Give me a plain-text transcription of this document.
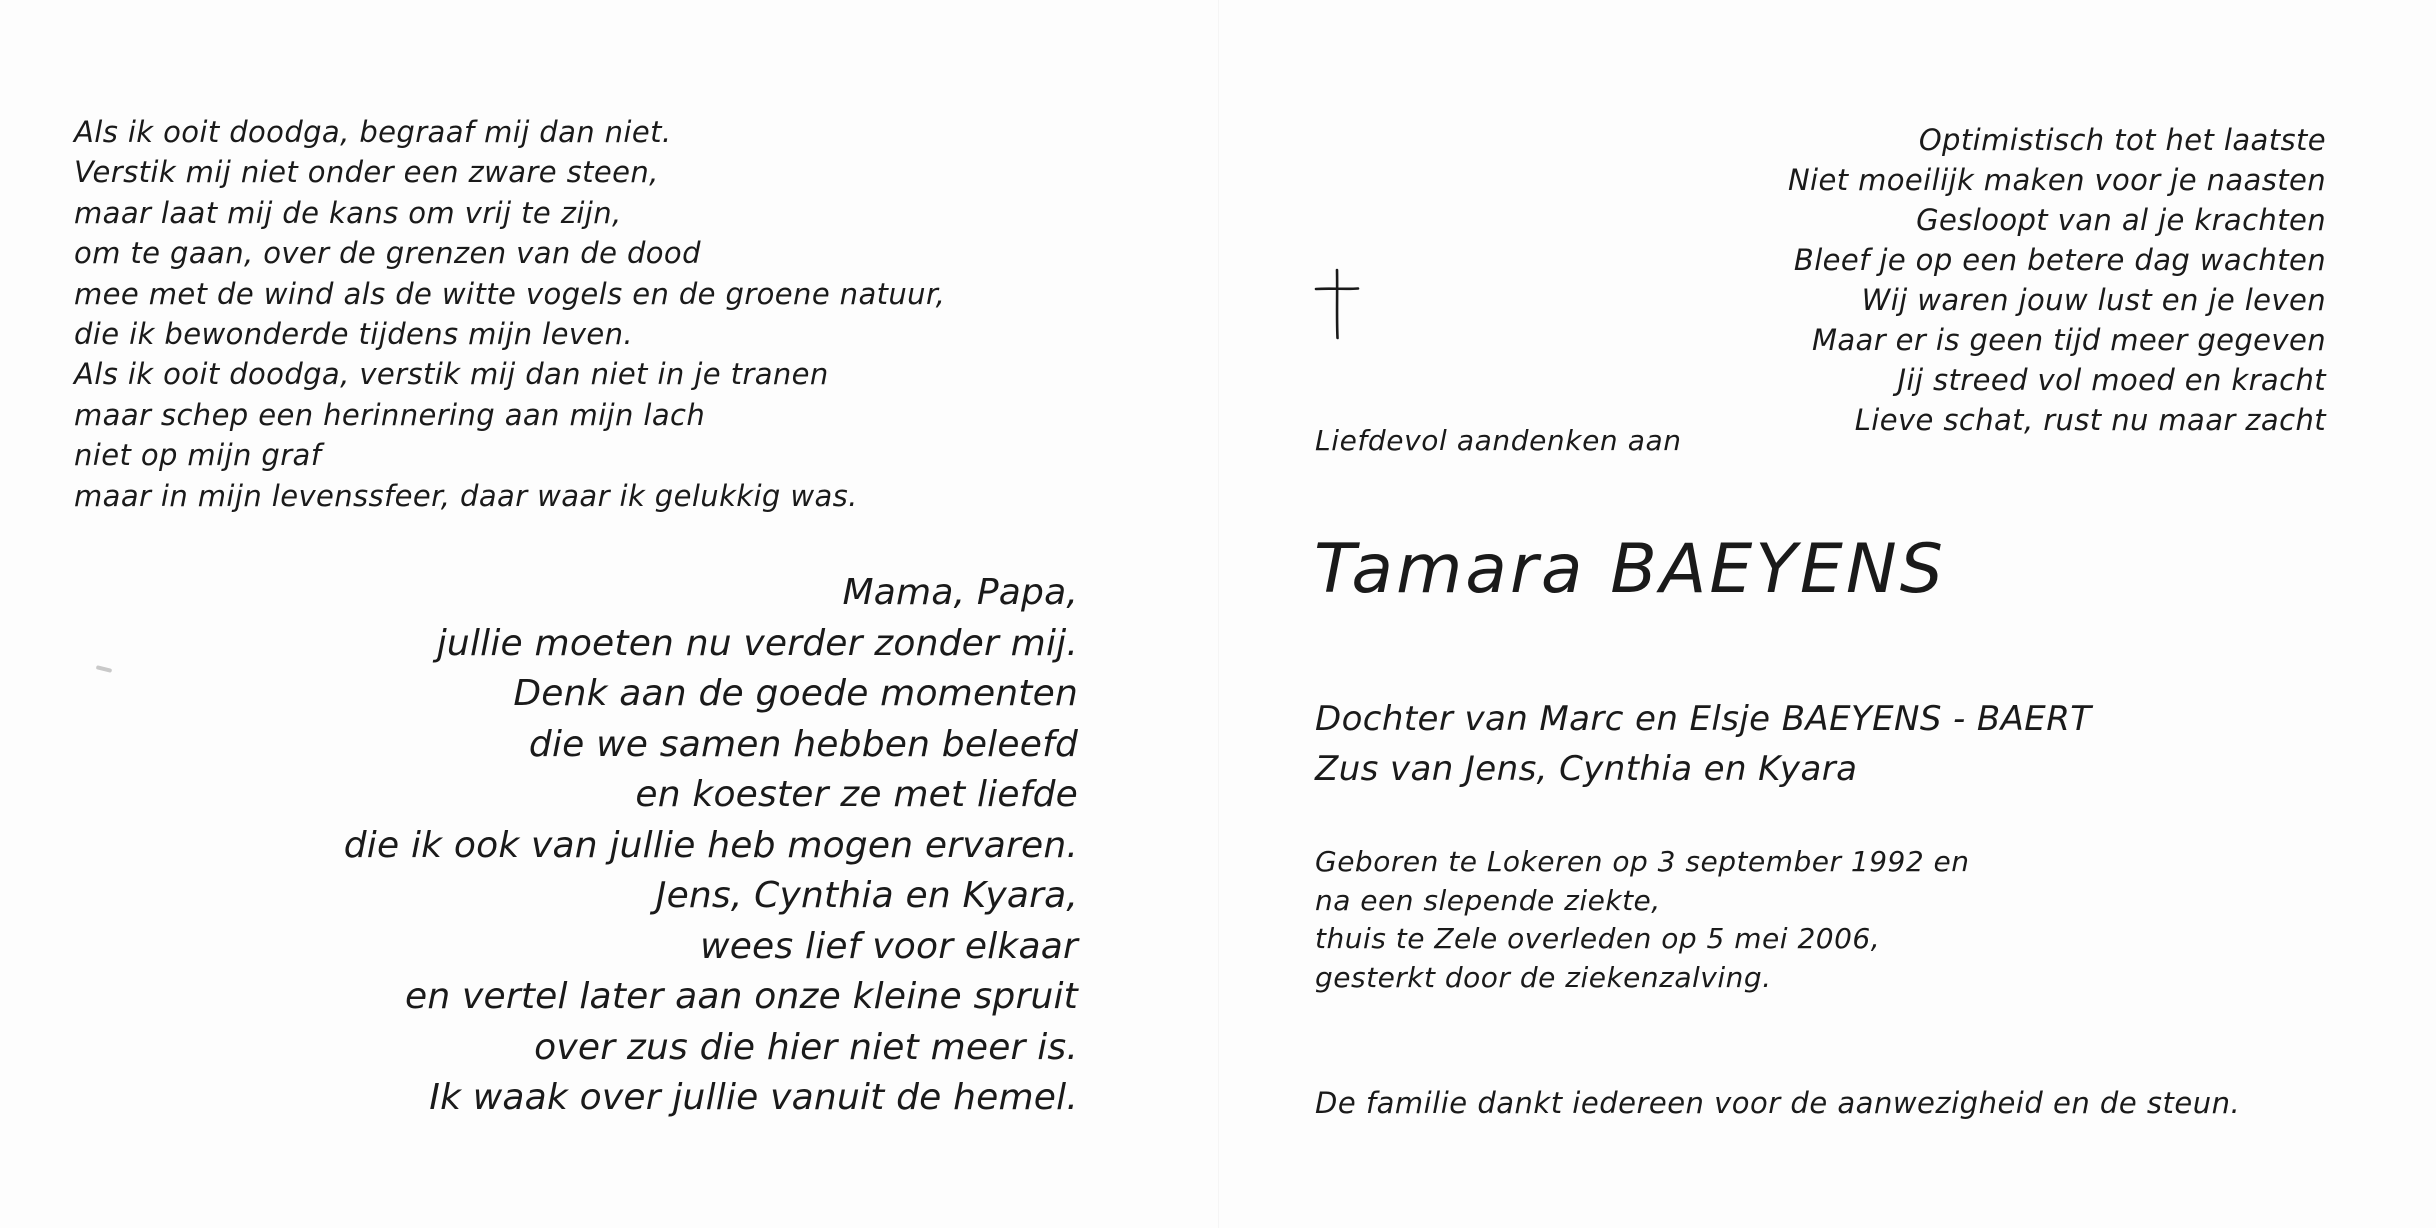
Als ik ooit doodga, begraaf mij dan niet.
Verstik mij niet onder een zware steen,
maar laat mij de kans om vrij te zijn,
om te gaan, over de grenzen van de dood
mee met de wind als de witte vogels en de groene natuur,
die ik bewonderde tijdens mijn leven.
Als ik ooit doodga, verstik mij dan niet in je tranen
maar schep een herinnering aan mijn lach
niet op mijn graf
maar in mijn levenssfeer, daar waar ik gelukkig was.
Mama, Papa,
jullie moeten nu verder zonder mij.
Denk aan de goede momenten
die we samen hebben beleefd
en koester ze met liefde
die ik ook van jullie heb mogen ervaren.
Jens, Cynthia en Kyara,
wees lief voor elkaar
en vertel later aan onze kleine spruit
over zus die hier niet meer is.
Ik waak over jullie vanuit de hemel.
Optimistisch tot het laatste
Niet moeilijk maken voor je naasten
Gesloopt van al je krachten
Bleef je op een betere dag wachten
Wij waren jouw lust en je leven
Maar er is geen tijd meer gegeven
Jij streed vol moed en kracht
Lieve schat, rust nu maar zacht
Liefdevol aandenken aan
Tamara BAEYENS
Dochter van Marc en Elsje BAEYENS - BAERT
Zus van Jens, Cynthia en Kyara
Geboren te Lokeren op 3 september 1992 en
na een slepende ziekte,
thuis te Zele overleden op 5 mei 2006,
gesterkt door de ziekenzalving.
De familie dankt iedereen voor de aanwezigheid en de steun.
